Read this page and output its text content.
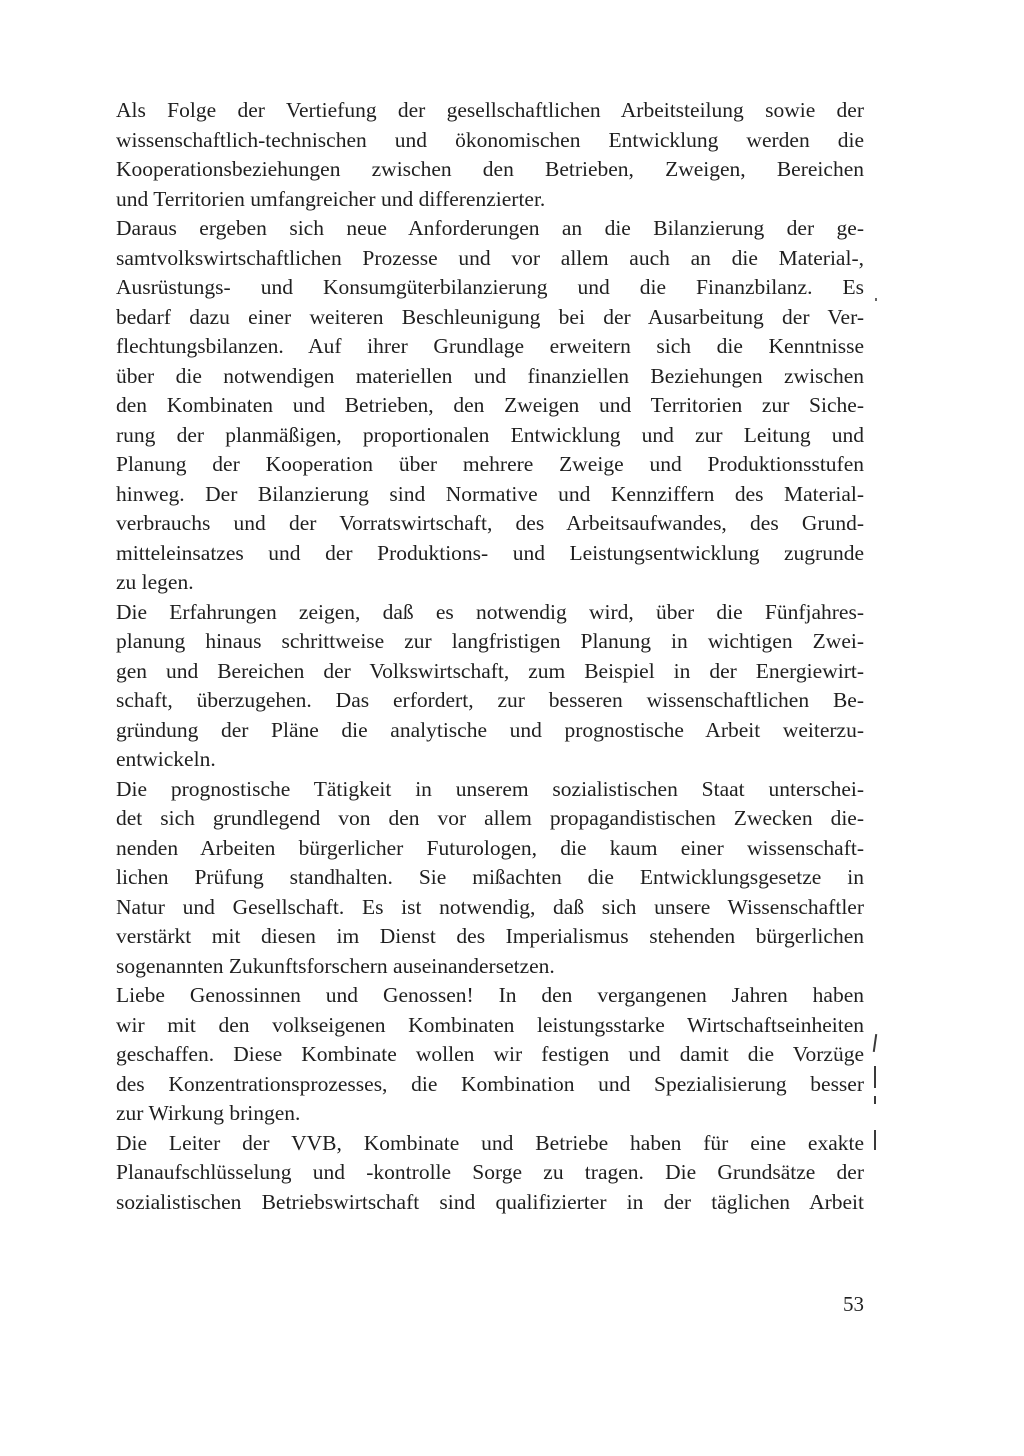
Als Folge der Vertiefung der gesellschaftlichen Arbeitsteilung sowie der
wissenschaftlich-technischen und ökonomischen Entwicklung werden die
Kooperationsbeziehungen zwischen den Betrieben, Zweigen, Bereichen
und Territorien umfangreicher und differenzierter.

Daraus ergeben sich neue Anforderungen an die Bilanzierung der ge-
samtvolkswirtschaftlichen Prozesse und vor allem auch an die Material-,
Ausrüstungs- und Konsumgüterbilanzierung und die Finanzbilanz. Es
bedarf dazu einer weiteren Beschleunigung bei der Ausarbeitung der Ver-
flechtungsbilanzen. Auf ihrer Grundlage erweitern sich die Kenntnisse
über die notwendigen materiellen und finanziellen Beziehungen zwischen
den Kombinaten und Betrieben, den Zweigen und Territorien zur Siche-
rung der planmäßigen, proportionalen Entwicklung und zur Leitung und
Planung der Kooperation über mehrere Zweige und Produktionsstufen
hinweg. Der Bilanzierung sind Normative und Kennziffern des Material-
verbrauchs und der Vorratswirtschaft, des Arbeitsaufwandes, des Grund-
mitteleinsatzes und der Produktions- und Leistungsentwicklung zugrunde
zu legen.

Die Erfahrungen zeigen, daß es notwendig wird, über die Fünfjahres-
planung hinaus schrittweise zur langfristigen Planung in wichtigen Zwei-
gen und Bereichen der Volkswirtschaft, zum Beispiel in der Energiewirt-
schaft, überzugehen. Das erfordert, zur besseren wissenschaftlichen Be-
gründung der Pläne die analytische und prognostische Arbeit weiterzu-
entwickeln.

Die prognostische Tätigkeit in unserem sozialistischen Staat unterschei-
det sich grundlegend von den vor allem propagandistischen Zwecken die-
nenden Arbeiten bürgerlicher Futurologen, die kaum einer wissenschaft-
lichen Prüfung standhalten. Sie mißachten die Entwicklungsgesetze in
Natur und Gesellschaft. Es ist notwendig, daß sich unsere Wissenschaftler
verstärkt mit diesen im Dienst des Imperialismus stehenden bürgerlichen
sogenannten Zukunftsforschern auseinandersetzen.

Liebe Genossinnen und Genossen! In den vergangenen Jahren haben
wir mit den volkseigenen Kombinaten leistungsstarke Wirtschaftseinheiten
geschaffen. Diese Kombinate wollen wir festigen und damit die Vorzüge
des Konzentrationsprozesses, die Kombination und Spezialisierung besser
zur Wirkung bringen.

Die Leiter der VVB, Kombinate und Betriebe haben für eine exakte
Planaufschlüsselung und -kontrolle Sorge zu tragen. Die Grundsätze der
sozialistischen Betriebswirtschaft sind qualifizierter in der täglichen Arbeit

53
